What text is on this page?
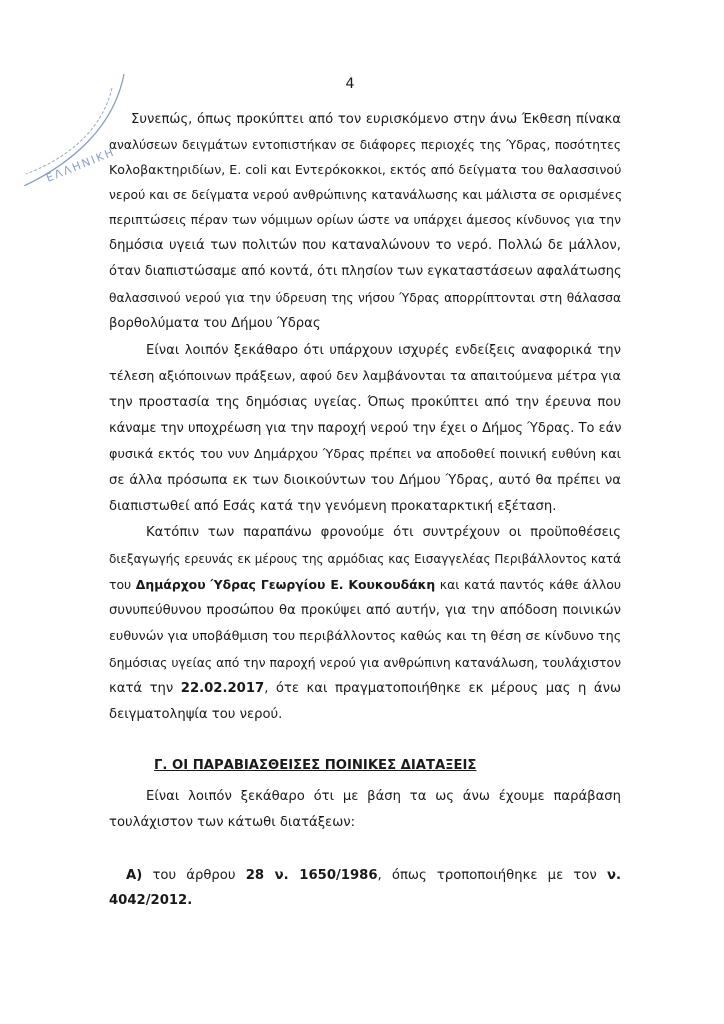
ΕΛΛΗΝΙΚΗ
4
Συνεπώς, όπως προκύπτει από τον ευρισκόμενο στην άνω Έκθεση πίνακα
αναλύσεων δειγμάτων εντοπιστήκαν σε διάφορες περιοχές της Ύδρας, ποσότητες
Κολοβακτηριδίων, E. coli και Εντερόκοκκοι, εκτός από δείγματα του θαλασσινού
νερού και σε δείγματα νερού ανθρώπινης κατανάλωσης και μάλιστα σε ορισμένες
περιπτώσεις πέραν των νόμιμων ορίων ώστε να υπάρχει άμεσος κίνδυνος για την
δημόσια υγειά των πολιτών που καταναλώνουν το νερό. Πολλώ δε μάλλον,
όταν διαπιστώσαμε από κοντά, ότι πλησίον των εγκαταστάσεων αφαλάτωσης
θαλασσινού νερού για την ύδρευση της νήσου Ύδρας απορρίπτονται στη θάλασσα
βορθολύματα του Δήμου Ύδρας
Είναι λοιπόν ξεκάθαρο ότι υπάρχουν ισχυρές ενδείξεις αναφορικά την
τέλεση αξιόποινων πράξεων, αφού δεν λαμβάνονται τα απαιτούμενα μέτρα για
την προστασία της δημόσιας υγείας. Όπως προκύπτει από την έρευνα που
κάναμε την υποχρέωση για την παροχή νερού την έχει ο Δήμος Ύδρας. Το εάν
φυσικά εκτός του νυν Δημάρχου Ύδρας πρέπει να αποδοθεί ποινική ευθύνη και
σε άλλα πρόσωπα εκ των διοικούντων του Δήμου Ύδρας, αυτό θα πρέπει να
διαπιστωθεί από Εσάς κατά την γενόμενη προκαταρκτική εξέταση.
Κατόπιν των παραπάνω φρονούμε ότι συντρέχουν οι προϋποθέσεις
διεξαγωγής ερευνάς εκ μέρους της αρμόδιας κας Εισαγγελέας Περιβάλλοντος κατά
του Δημάρχου Ύδρας Γεωργίου Ε. Κουκουδάκη και κατά παντός κάθε άλλου
συνυπεύθυνου προσώπου θα προκύψει από αυτήν, για την απόδοση ποινικών
ευθυνών για υποβάθμιση του περιβάλλοντος καθώς και τη θέση σε κίνδυνο της
δημόσιας υγείας από την παροχή νερού για ανθρώπινη κατανάλωση, τουλάχιστον
κατά την 22.02.2017, ότε και πραγματοποιήθηκε εκ μέρους μας η άνω
δειγματοληψία του νερού.
Γ. ΟΙ ΠΑΡΑΒΙΑΣΘΕΙΣΕΣ ΠΟΙΝΙΚΕΣ ΔΙΑΤΑΞΕΙΣ
Είναι λοιπόν ξεκάθαρο ότι με βάση τα ως άνω έχουμε παράβαση
τουλάχιστον των κάτωθι διατάξεων:
Α) του άρθρου 28 ν. 1650/1986, όπως τροποποιήθηκε με τον ν.
4042/2012.
